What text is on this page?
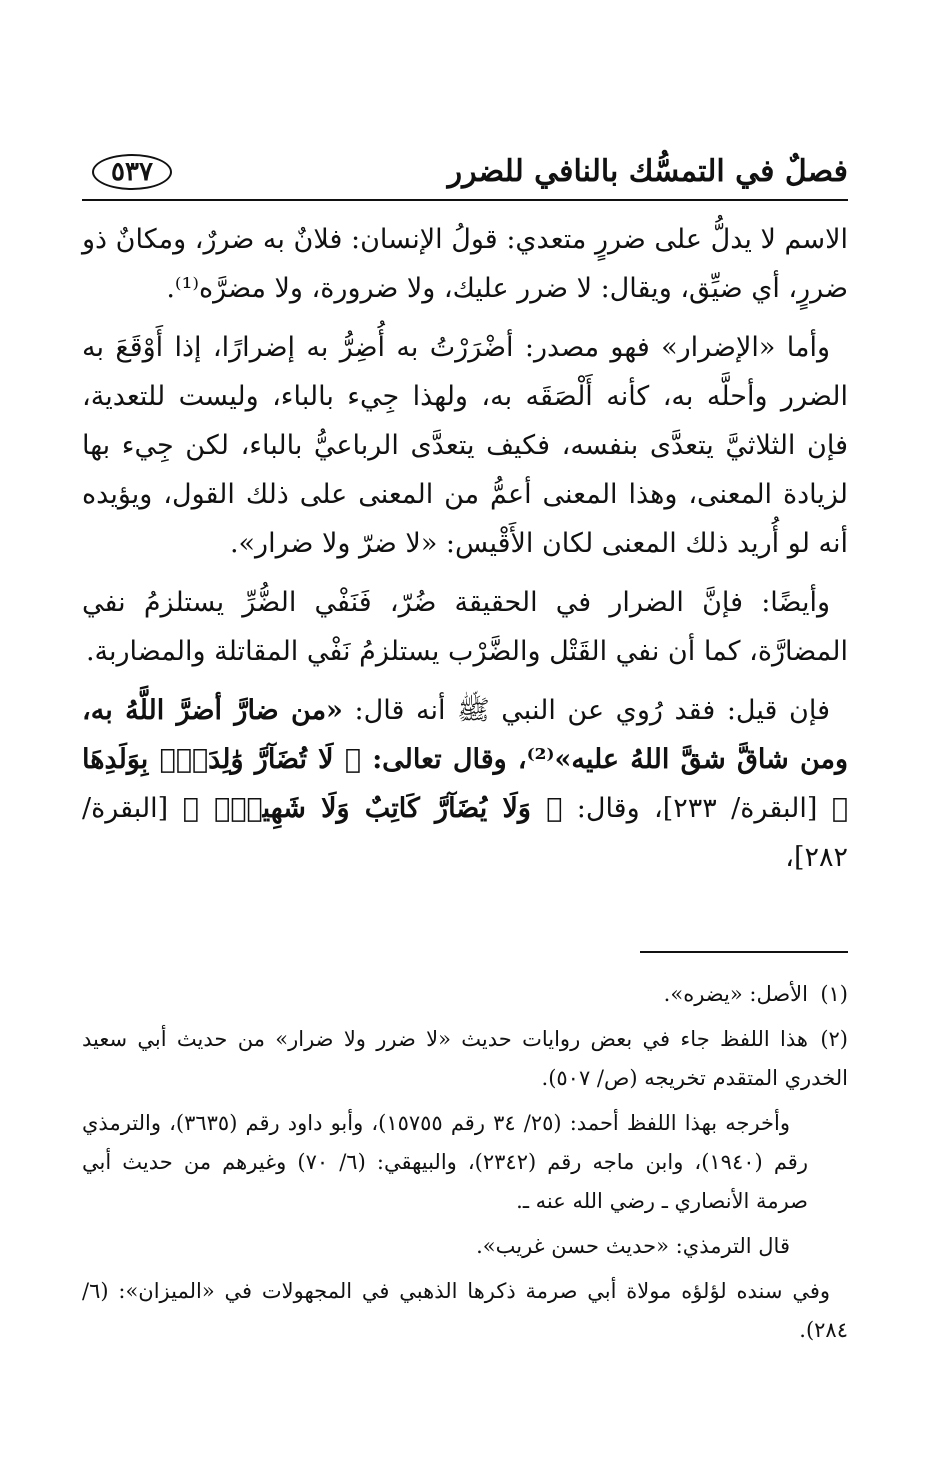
فصلٌ في التمسُّك بالنافي للضرر
٥٣٧

الاسم لا يدلُّ على ضررٍ متعدي: قولُ الإنسان: فلانٌ به ضررٌ، ومكانٌ ذو ضررٍ، أي ضيِّق، ويقال: لا ضرر عليك، ولا ضرورة، ولا مضرَّه⁽¹⁾.

وأما «الإضرار» فهو مصدر: أضْرَرْتُ به أُضِرُّ به إضرارًا، إذا أَوْقَعَ به الضرر وأحلَّه به، كأنه أَلْصَقَه به، ولهذا جِيء بالباء، وليست للتعدية، فإن الثلاثيَّ يتعدَّى بنفسه، فكيف يتعدَّى الرباعيُّ بالباء، لكن جِيء بها لزيادة المعنى، وهذا المعنى أعمُّ من المعنى على ذلك القول، ويؤيده أنه لو أُريد ذلك المعنى لكان الأَقْيس: «لا ضرّ ولا ضرار».

وأيضًا: فإنَّ الضرار في الحقيقة ضُرّ، فَنَفْي الضُّرِّ يستلزمُ نفي المضارَّة، كما أن نفي القَتْل والضَّرْب يستلزمُ نَفْي المقاتلة والمضاربة.

فإن قيل: فقد رُوي عن النبي ﷺ أنه قال: «من ضارَّ أضرَّ اللَّهُ به، ومن شاقَّ شقَّ اللهُ عليه»⁽²⁾، وقال تعالى: ﴿ لَا تُضَآرَّ وَٰلِدَةُۢ بِوَلَدِهَا ﴾ [البقرة/ ٢٣٣]، وقال: ﴿ وَلَا يُضَآرَّ كَاتِبٌ وَلَا شَهِيدٌۚ ﴾ [البقرة/ ٢٨٢]،

(١)الأصل: «يضره».

(٢)هذا اللفظ جاء في بعض روايات حديث «لا ضرر ولا ضرار» من حديث أبي سعيد الخدري المتقدم تخريجه (ص/ ٥٠٧).

وأخرجه بهذا اللفظ أحمد: (٢٥/ ٣٤ رقم ١٥٧٥٥)، وأبو داود رقم (٣٦٣٥)، والترمذي رقم (١٩٤٠)، وابن ماجه رقم (٢٣٤٢)، والبيهقي: (٦/ ٧٠) وغيرهم من حديث أبي صرمة الأنصاري ـ رضي الله عنه ـ.

قال الترمذي: «حديث حسن غريب».

وفي سنده لؤلؤه مولاة أبي صرمة ذكرها الذهبي في المجهولات في «الميزان»: (٦/ ٢٨٤).
